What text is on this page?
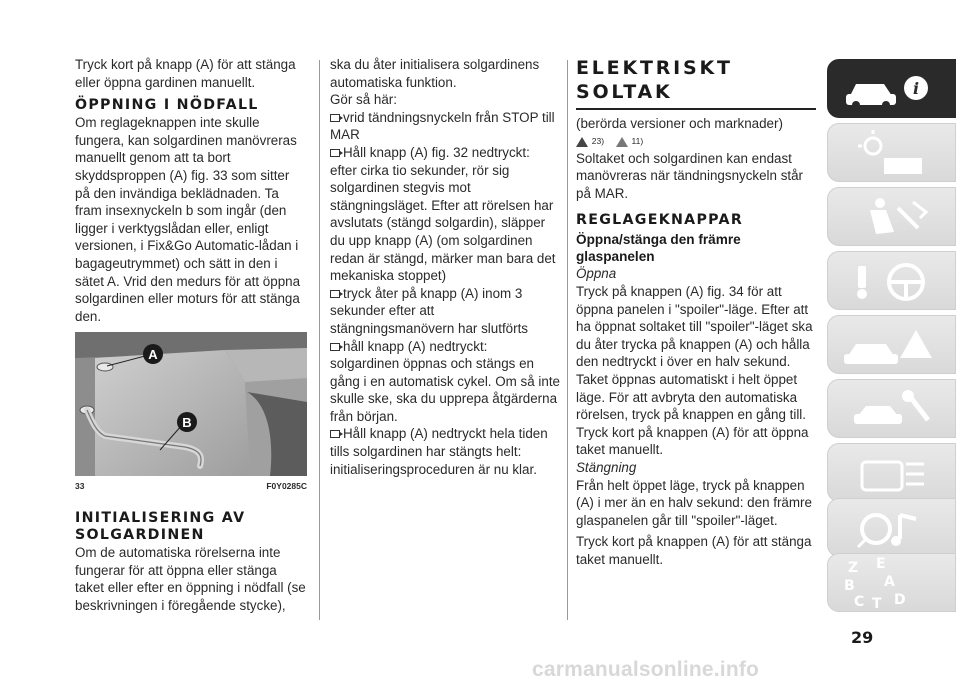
Tryck kort på knapp (A) för att stänga eller öppna gardinen manuellt.

ÖPPNING I NÖDFALL

Om reglageknappen inte skulle fungera, kan solgardinen manövreras manuellt genom att ta bort skyddsproppen (A) fig. 33 som sitter på den invändiga beklädnaden. Ta fram insexnyckeln b som ingår (den ligger i verktygslådan eller, enligt versionen, i Fix&Go Automatic-lådan i bagageutrymmet) och sätt in den i sätet A. Vrid den medurs för att öppna solgardinen eller moturs för att stänga den.

A
B
33	F0Y0285C

INITIALISERING AV SOLGARDINEN

Om de automatiska rörelserna inte fungerar för att öppna eller stänga taket eller efter en öppning i nödfall (se beskrivningen i föregående stycke),

ska du åter initialisera solgardinens automatiska funktion.

Gör så här:

vrid tändningsnyckeln från STOP till MAR

Håll knapp (A) fig. 32 nedtryckt: efter cirka tio sekunder, rör sig solgardinen stegvis mot stängningsläget. Efter att rörelsen har avslutats (stängd solgardin), släpper du upp knapp (A) (om solgardinen redan är stängd, märker man bara det mekaniska stoppet)

tryck åter på knapp (A) inom 3 sekunder efter att stängningsmanövern har slutförts

håll knapp (A) nedtryckt: solgardinen öppnas och stängs en gång i en automatisk cykel. Om så inte skulle ske, ska du upprepa åtgärderna från början.

Håll knapp (A) nedtryckt hela tiden tills solgardinen har stängts helt: initialiseringsproceduren är nu klar.

ELEKTRISKT

SOLTAK

(berörda versioner och marknader)

23)	11)

Soltaket och solgardinen kan endast manövreras när tändningsnyckeln står på MAR.

REGLAGEKNAPPAR

Öppna/stänga den främre glaspanelen

Öppna

Tryck på knappen (A) fig. 34 för att öppna panelen i "spoiler"-läge. Efter att ha öppnat soltaket till "spoiler"-läget ska du åter trycka på knappen (A) och hålla den nedtryckt i över en halv sekund. Taket öppnas automatiskt i helt öppet läge. För att avbryta den automatiska rörelsen, tryck på knappen en gång till. Tryck kort på knappen (A) för att öppna taket manuellt.

Stängning

Från helt öppet läge, tryck på knappen (A) i mer än en halv sekund: den främre glaspanelen går till "spoiler"-läget.

Tryck kort på knappen (A) för att stänga taket manuellt.

i
Z E
A
B
D
C T
29
carmanualsonline.info
